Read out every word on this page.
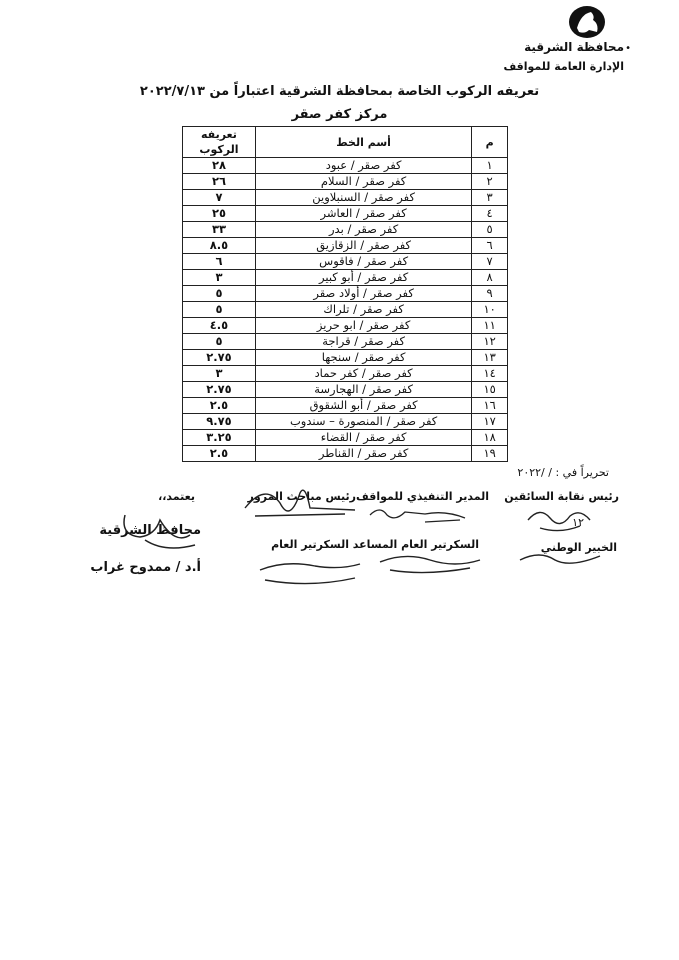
محافظة الشرقية
الإدارة العامة للمواقف
•
تعريفه الركوب الخاصة بمحافظة الشرقية اعتباراً من ٢٠٢٢/٧/١٣
مركز كفر صقر
م	أسم الخط	تعريفه الركوب
١	كفر صقر / عبود	٢٨
٢	كفر صقر / السلام	٢٦
٣	كفر صقر / السنبلاوين	٧
٤	كفر صقر / العاشر	٢٥
٥	كفر صقر / بدر	٣٣
٦	كفر صقر / الزقازيق	٨.٥
٧	كفر صقر / فاقوس	٦
٨	كفر صقر / أبو كبير	٣
٩	كفر صقر / أولاد صقر	٥
١٠	كفر صقر / تلراك	٥
١١	كفر صقر / ابو حريز	٤.٥
١٢	كفر صقر / قراجة	٥
١٣	كفر صقر / سنجها	٢.٧٥
١٤	كفر صقر / كفر حماد	٣
١٥	كفر صقر / الهجارسة	٢.٧٥
١٦	كفر صقر / أبو الشقوق	٢.٥
١٧	كفر صقر / المنصورة – سندوب	٩.٧٥
١٨	كفر صقر / القضاء	٣.٢٥
١٩	كفر صقر / القناطر	٢.٥
تحريراً في : / /٢٠٢٢
رئيس نقابة السائقين
المدير التنفيذي للمواقف
رئيس مباحث المرور
يعتمد،،
محافظ الشرقية
أ.د / ممدوح غراب
الخبير الوطني
السكرتير العام المساعد
السكرتير العام
١٢
